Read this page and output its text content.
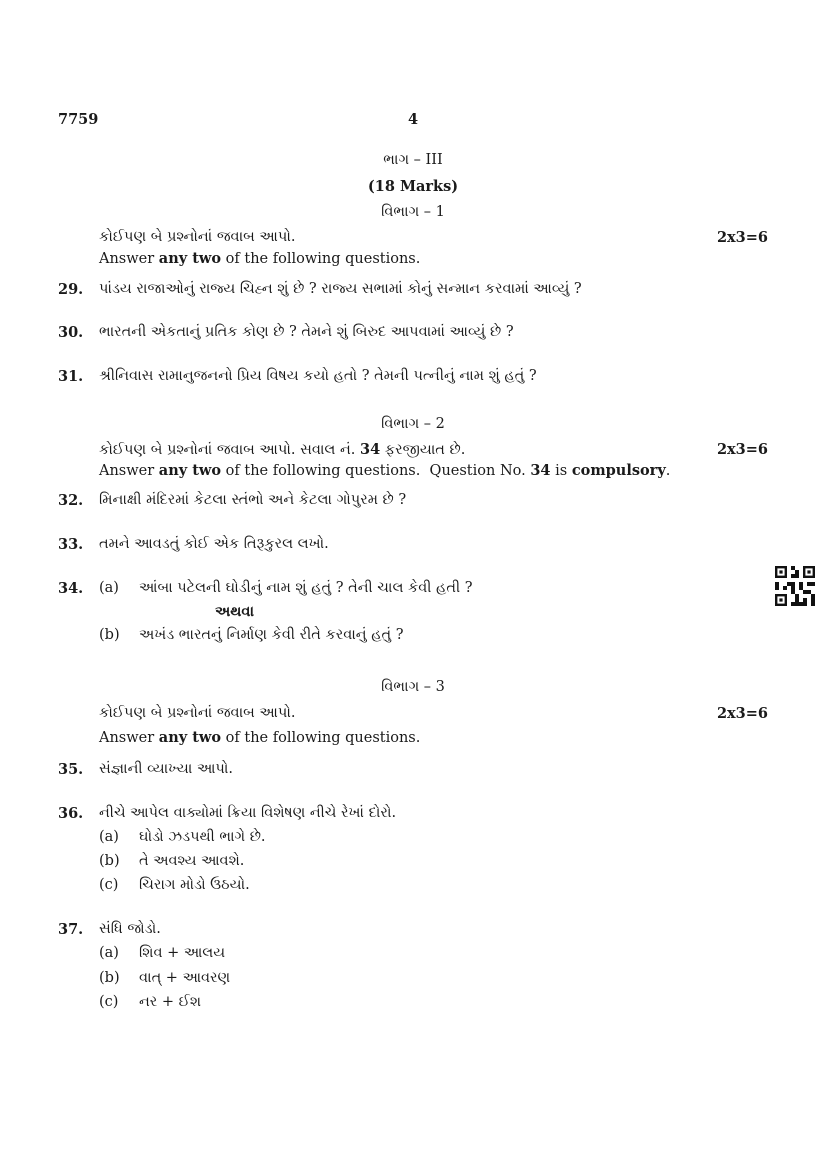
7759	4
ભાગ – III
(18 Marks)
વિભાગ – 1
કોઈપણ બે પ્રશ્નોનાં જવાબ આપો.	2x3=6
Answer any two of the following questions.
29. પાંડય રાજાઓનું રાજ્ય ચિહ્ન શું છે ? રાજ્ય સભામાં કોનું સન્માન કરવામાં આવ્યું ?
30. ભારતની એકતાનું પ્રતિક કોણ છે ? તેમને શું બિરુદ આપવામાં આવ્યું છે ?
31. શ્રીનિવાસ રામાનુજનનો પ્રિય વિષય કયો હતો ? તેમની પત્નીનું નામ શું હતું ?
વિભાગ – 2
કોઈપણ બે પ્રશ્નોનાં જવાબ આપો. સવાલ નં. 34 ફરજીયાત છે.	2x3=6
Answer any two of the following questions.  Question No. 34 is compulsory.
32. મિનાક્ષી મંદિરમાં કેટલા સ્તંભો અને કેટલા ગોપુરમ છે ?
33. તમને આવડતું કોઈ એક તિરૂકુરલ લખો.
34. (a) આંબા પટેલની ઘોડીનું નામ શું હતું ? તેની ચાલ કેવી હતી ?
અથવા
(b) અખંડ ભારતનું નિર્માણ કેવી રીતે કરવાનું હતું ?
વિભાગ – 3
કોઈપણ બે પ્રશ્નોનાં જવાબ આપો.	2x3=6
Answer any two of the following questions.
35. સંજ્ઞાની વ્યાખ્યા આપો.
36. નીચે આપેલ વાક્યોમાં ક્રિયા વિશેષણ નીચે રેખાં દોરો.
(a) ઘોડો ઝડપથી ભાગે છે.
(b) તે અવશ્ય આવશે.
(c) ચિરાગ મોડો ઉઠયો.
37. સંધિ જોડો.
(a) શિવ + આલય
(b) વાત્ + આવરણ
(c) નર + ઈશ
